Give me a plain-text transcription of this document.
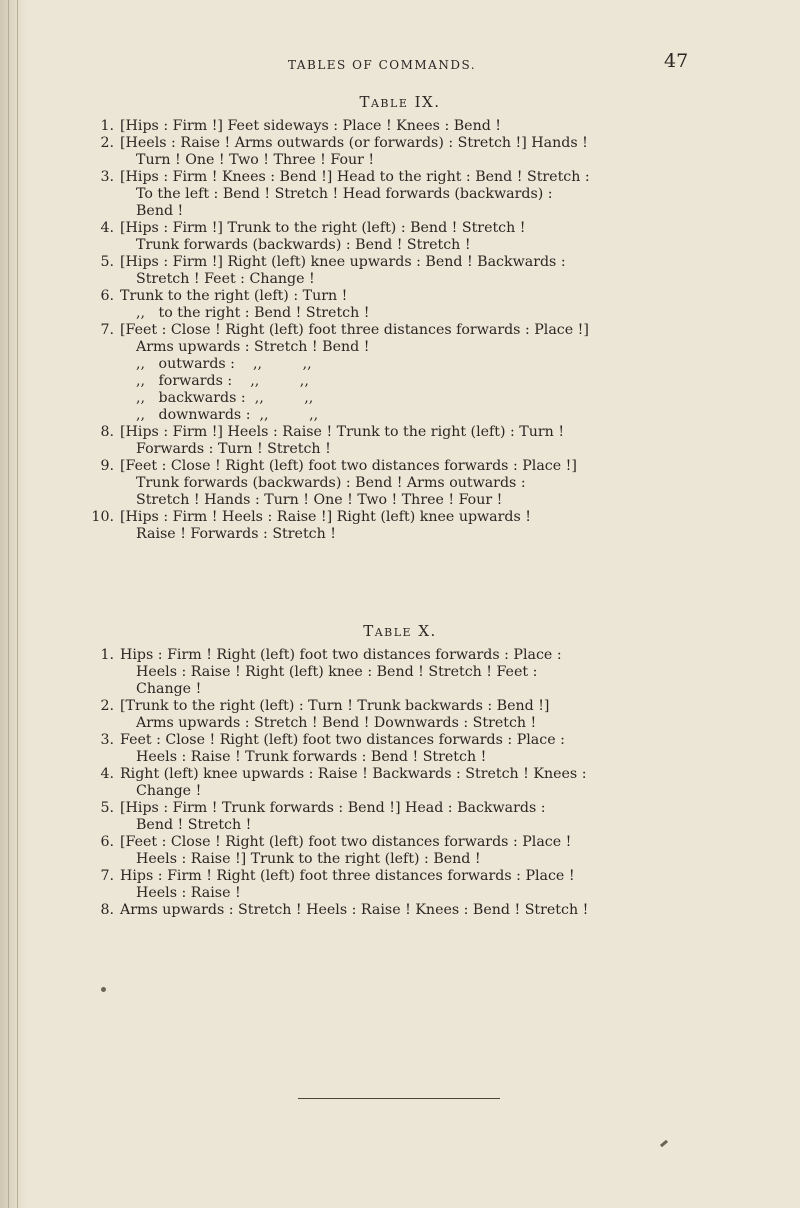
TABLES OF COMMANDS.	47
Table IX.
1. [Hips : Firm !] Feet sideways : Place ! Knees : Bend !
2. [Heels : Raise ! Arms outwards (or forwards) : Stretch !] Hands !
Turn ! One ! Two ! Three ! Four !
3. [Hips : Firm ! Knees : Bend !] Head to the right : Bend ! Stretch :
To the left : Bend ! Stretch ! Head forwards (backwards) :
Bend !
4. [Hips : Firm !] Trunk to the right (left) : Bend ! Stretch !
Trunk forwards (backwards) : Bend ! Stretch !
5. [Hips : Firm !] Right (left) knee upwards : Bend ! Backwards :
Stretch ! Feet : Change !
6. Trunk to the right (left) : Turn !
,,   to the right : Bend ! Stretch !
7. [Feet : Close ! Right (left) foot three distances forwards : Place !]
Arms upwards : Stretch ! Bend !
,,   outwards :    ,,         ,,
,,   forwards :    ,,         ,,
,,   backwards :  ,,         ,,
,,   downwards :  ,,         ,,
8. [Hips : Firm !] Heels : Raise ! Trunk to the right (left) : Turn !
Forwards : Turn ! Stretch !
9. [Feet : Close ! Right (left) foot two distances forwards : Place !]
Trunk forwards (backwards) : Bend ! Arms outwards :
Stretch ! Hands : Turn ! One ! Two ! Three ! Four !
10. [Hips : Firm ! Heels : Raise !] Right (left) knee upwards !
Raise ! Forwards : Stretch !
Table X.
1. Hips : Firm ! Right (left) foot two distances forwards : Place :
Heels : Raise ! Right (left) knee : Bend ! Stretch ! Feet :
Change !
2. [Trunk to the right (left) : Turn ! Trunk backwards : Bend !]
Arms upwards : Stretch ! Bend ! Downwards : Stretch !
3. Feet : Close ! Right (left) foot two distances forwards : Place :
Heels : Raise ! Trunk forwards : Bend ! Stretch !
4. Right (left) knee upwards : Raise ! Backwards : Stretch ! Knees :
Change !
5. [Hips : Firm ! Trunk forwards : Bend !] Head : Backwards :
Bend ! Stretch !
6. [Feet : Close ! Right (left) foot two distances forwards : Place !
Heels : Raise !] Trunk to the right (left) : Bend !
7. Hips : Firm ! Right (left) foot three distances forwards : Place !
Heels : Raise !
8. Arms upwards : Stretch ! Heels : Raise ! Knees : Bend ! Stretch !
